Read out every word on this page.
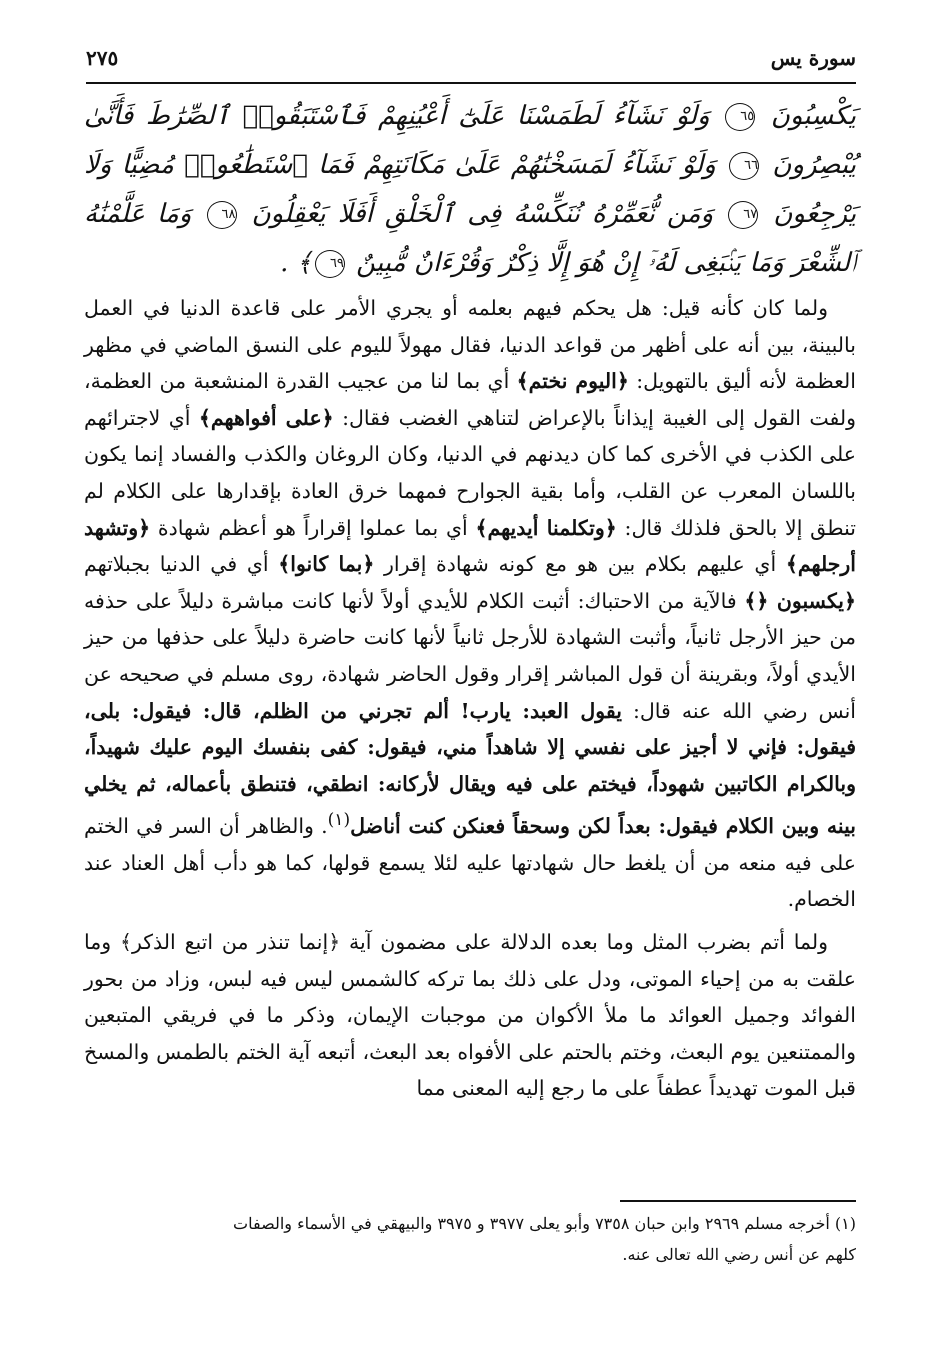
سورة يس
٢٧٥
يَكْسِبُونَ ٦٥ وَلَوْ نَشَآءُ لَطَمَسْنَا عَلَىٰٓ أَعْيُنِهِمْ فَٱسْتَبَقُوا۟ ٱلصِّرَٰطَ فَأَنَّىٰ يُبْصِرُونَ ٦٦ وَلَوْ نَشَآءُ لَمَسَخْنَٰهُمْ عَلَىٰ مَكَانَتِهِمْ فَمَا ٱسْتَطَٰعُوا۟ مُضِيًّا وَلَا يَرْجِعُونَ ٦٧ وَمَن نُّعَمِّرْهُ نُنَكِّسْهُ فِى ٱلْخَلْقِ أَفَلَا يَعْقِلُونَ ٦٨ وَمَا عَلَّمْنَٰهُ ٱلشِّعْرَ وَمَا يَنۢبَغِى لَهُۥٓ إِنْ هُوَ إِلَّا ذِكْرٌ وَقُرْءَانٌ مُّبِينٌ ٦٩﴾ .

ولما كان كأنه قيل: هل يحكم فيهم بعلمه أو يجري الأمر على قاعدة الدنيا في العمل بالبينة، بين أنه على أظهر من قواعد الدنيا، فقال مهولاً لليوم على النسق الماضي في مظهر العظمة لأنه أليق بالتهويل: ﴿اليوم نختم﴾ أي بما لنا من عجيب القدرة المنشعبة من العظمة، ولفت القول إلى الغيبة إيذاناً بالإعراض لتناهي الغضب فقال: ﴿على أفواههم﴾ أي لاجترائهم على الكذب في الأخرى كما كان ديدنهم في الدنيا، وكان الروغان والكذب والفساد إنما يكون باللسان المعرب عن القلب، وأما بقية الجوارح فمهما خرق العادة بإقدارها على الكلام لم تنطق إلا بالحق فلذلك قال: ﴿وتكلمنا أيديهم﴾ أي بما عملوا إقراراً هو أعظم شهادة ﴿وتشهد أرجلهم﴾ أي عليهم بكلام بين هو مع كونه شهادة إقرار ﴿بما كانوا﴾ أي في الدنيا بجبلاتهم ﴿يكسبون ﴿﴾ فالآية من الاحتباك: أثبت الكلام للأيدي أولاً لأنها كانت مباشرة دليلاً على حذفه من حيز الأرجل ثانياً، وأثبت الشهادة للأرجل ثانياً لأنها كانت حاضرة دليلاً على حذفها من حيز الأيدي أولاً، وبقرينة أن قول المباشر إقرار وقول الحاضر شهادة، روى مسلم في صحيحه عن أنس رضي الله عنه قال: يقول العبد: يارب! ألم تجرني من الظلم، قال: فيقول: بلى، فيقول: فإني لا أجيز على نفسي إلا شاهداً مني، فيقول: كفى بنفسك اليوم عليك شهيداً، وبالكرام الكاتبين شهوداً، فيختم على فيه ويقال لأركانه: انطقي، فتنطق بأعماله، ثم يخلي بينه وبين الكلام فيقول: بعداً لكن وسحقاً فعنكن كنت أناضل$^{(١)}$. والظاهر أن السر في الختم على فيه منعه من أن يلغط حال شهادتها عليه لئلا يسمع قولها، كما هو دأب أهل العناد عند الخصام.

ولما أتم بضرب المثل وما بعده الدلالة على مضمون آية ﴿إنما تنذر من اتبع الذكر﴾ وما علقت به من إحياء الموتى، ودل على ذلك بما تركه كالشمس ليس فيه لبس، وزاد من بحور الفوائد وجميل العوائد ما ملأ الأكوان من موجبات الإيمان، وذكر ما في فريقي المتبعين والممتنعين يوم البعث، وختم بالحتم على الأفواه بعد البعث، أتبعه آية الختم بالطمس والمسخ قبل الموت تهديداً عطفاً على ما رجع إليه المعنى مما

(١) أخرجه مسلم ٢٩٦٩ وابن حبان ٧٣٥٨ وأبو يعلى ٣٩٧٧ و ٣٩٧٥ والبيهقي في الأسماء والصفات

كلهم عن أنس رضي الله تعالى عنه.
